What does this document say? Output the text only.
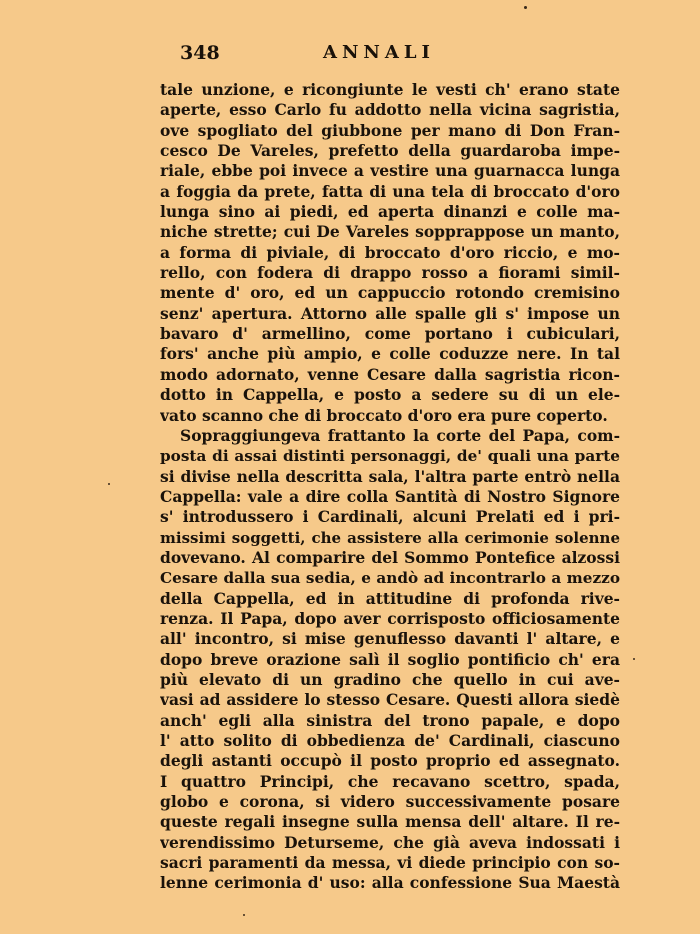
348	ANNALI
tale unzione, e ricongiunte le vesti ch' erano state
aperte, esso Carlo fu addotto nella vicina sagristia,
ove spogliato del giubbone per mano di Don Fran-
cesco De Vareles, prefetto della guardaroba impe-
riale, ebbe poi invece a vestire una guarnacca lunga
a foggia da prete, fatta di una tela di broccato d'oro
lunga sino ai piedi, ed aperta dinanzi e colle ma-
niche strette; cui De Vareles sopprappose un manto,
a forma di piviale, di broccato d'oro riccio, e mo-
rello, con fodera di drappo rosso a fiorami simil-
mente d' oro, ed un cappuccio rotondo cremisino
senz' apertura. Attorno alle spalle gli s' impose un
bavaro d' armellino, come portano i cubiculari,
fors' anche più ampio, e colle coduzze nere. In tal
modo adornato, venne Cesare dalla sagristia ricon-
dotto in Cappella, e posto a sedere su di un ele-
vato scanno che di broccato d'oro era pure coperto.
Sopraggiungeva frattanto la corte del Papa, com-
posta di assai distinti personaggi, de' quali una parte
si divise nella descritta sala, l'altra parte entrò nella
Cappella: vale a dire colla Santità di Nostro Signore
s' introdussero i Cardinali, alcuni Prelati ed i pri-
missimi soggetti, che assistere alla cerimonie solenne
dovevano. Al comparire del Sommo Pontefice alzossi
Cesare dalla sua sedia, e andò ad incontrarlo a mezzo
della Cappella, ed in attitudine di profonda rive-
renza. Il Papa, dopo aver corrisposto officiosamente
all' incontro, si mise genuflesso davanti l' altare, e
dopo breve orazione salì il soglio pontificio ch' era
più elevato di un gradino che quello in cui ave-
vasi ad assidere lo stesso Cesare. Questi allora siedè
anch' egli alla sinistra del trono papale, e dopo
l' atto solito di obbedienza de' Cardinali, ciascuno
degli astanti occupò il posto proprio ed assegnato.
I quattro Principi, che recavano scettro, spada,
globo e corona, si videro successivamente posare
queste regali insegne sulla mensa dell' altare. Il re-
verendissimo Deturseme, che già aveva indossati i
sacri paramenti da messa, vi diede principio con so-
lenne cerimonia d' uso: alla confessione Sua Maestà
